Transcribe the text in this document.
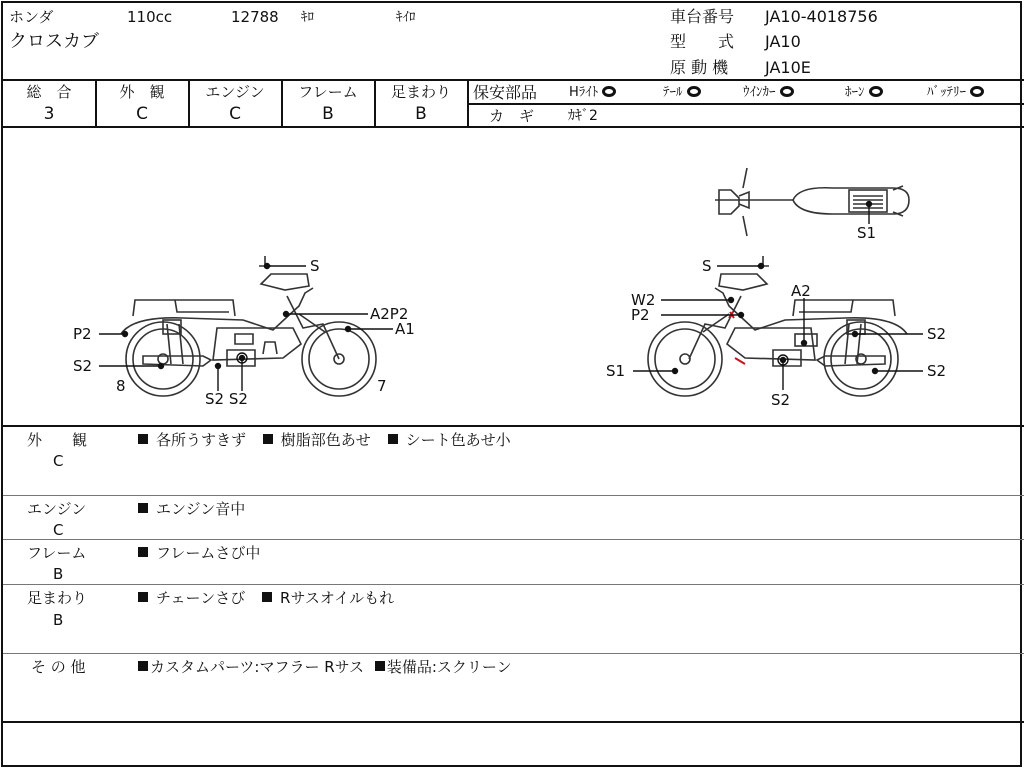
ホンダ	110cc	12788 ｷﾛ	ｷｲﾛ
クロスカブ
車台番号 JA10-4018756
型　　式 JA10
原 動 機 JA10E
総　合
3
外　観
C
エンジン
C
フレーム
B
足まわり
B
保安部品 Hﾗｲﾄ	ﾃｰﾙ	ｳｲﾝｶｰ	ﾎｰﾝ	ﾊﾞｯﾃﾘｰ
カ　ギ ｶｷﾞ2
S
A2P2
A1
P2
S2
8	7
S2 S2
S1
S
W2
P2
A2
S2
S1	S2
S2
外　　観
C
各所うすきず 樹脂部色あせ シート色あせ小
エンジン
C
エンジン音中
フレーム
B
フレームさび中
足まわり
B
チェーンさび Rサスオイルもれ
そ の 他	カスタムパーツ:マフラー Rサス 装備品:スクリーン
